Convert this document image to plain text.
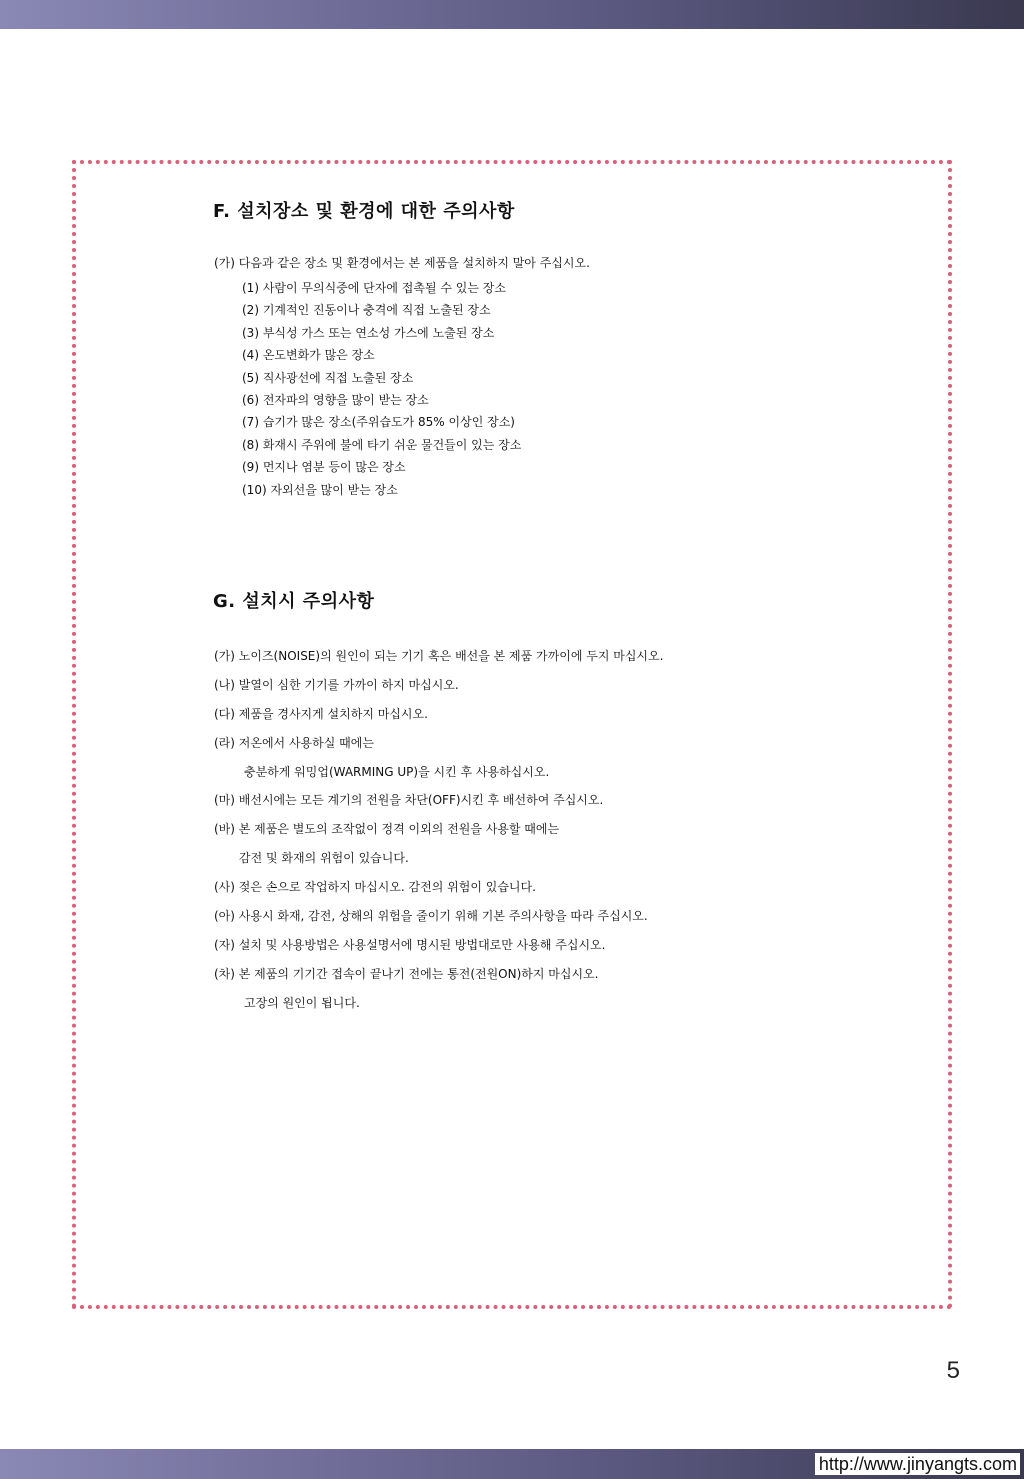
F. 설치장소 및 환경에 대한 주의사항

(가) 다음과 같은 장소 및 환경에서는 본 제품을 설치하지 말아 주십시오.

(1) 사람이 무의식중에 단자에 접촉될 수 있는 장소
(2) 기계적인 진동이나 충격에 직접 노출된 장소
(3) 부식성 가스 또는 연소성 가스에 노출된 장소
(4) 온도변화가 많은 장소
(5) 직사광선에 직접 노출된 장소
(6) 전자파의 영향을 많이 받는 장소
(7) 습기가 많은 장소(주위습도가 85% 이상인 장소)
(8) 화재시 주위에 불에 타기 쉬운 물건들이 있는 장소
(9) 먼지나 염분 등이 많은 장소
(10) 자외선을 많이 받는 장소
G. 설치시 주의사항
(가) 노이즈(NOISE)의 원인이 되는 기기 혹은 배선을 본 제품 가까이에 두지 마십시오.
(나) 발열이 심한 기기를 가까이 하지 마십시오.
(다) 제품을 경사지게 설치하지 마십시오.
(라) 저온에서 사용하실 때에는
충분하게 워밍업(WARMING UP)을 시킨 후 사용하십시오.
(마) 배선시에는 모든 계기의 전원을 차단(OFF)시킨 후 배선하여 주십시오.
(바) 본 제품은 별도의 조작없이 정격 이외의 전원을 사용할 때에는
감전 및 화재의 위험이 있습니다.
(사) 젖은 손으로 작업하지 마십시오. 감전의 위험이 있습니다.
(아) 사용시 화재, 감전, 상해의 위험을 줄이기 위해 기본 주의사항을 따라 주십시오.
(자) 설치 및 사용방법은 사용설명서에 명시된 방법대로만 사용해 주십시오.
(차) 본 제품의 기기간 접속이 끝나기 전에는 통전(전원ON)하지 마십시오.
고장의 원인이 됩니다.
5
http://www.jinyangts.com
